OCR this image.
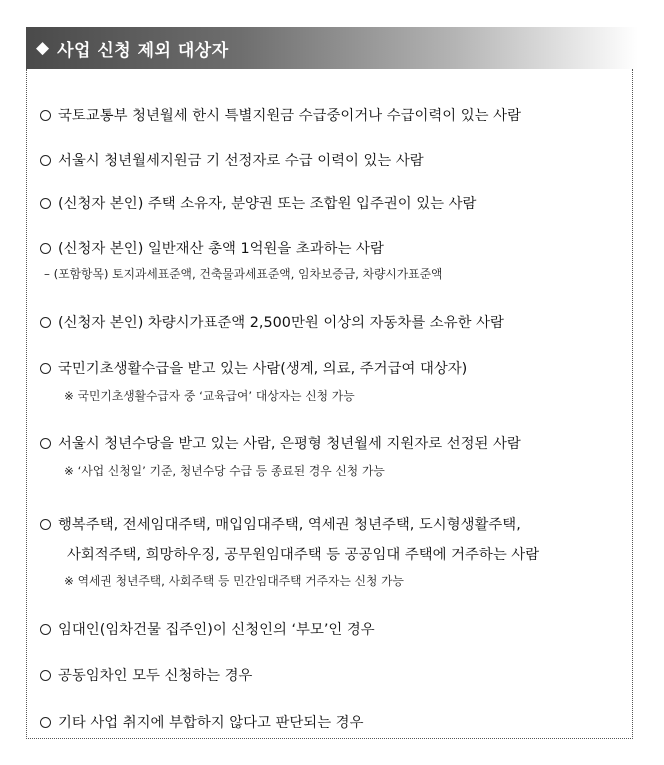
◆ 사업 신청 제외 대상자
국토교통부 청년월세 한시 특별지원금 수급중이거나 수급이력이 있는 사람
서울시 청년월세지원금 기 선정자로 수급 이력이 있는 사람
(신청자 본인) 주택 소유자, 분양권 또는 조합원 입주권이 있는 사람
(신청자 본인) 일반재산 총액 1억원을 초과하는 사람
– (포함항목) 토지과세표준액, 건축물과세표준액, 임차보증금, 차량시가표준액
(신청자 본인) 차량시가표준액 2,500만원 이상의 자동차를 소유한 사람
국민기초생활수급을 받고 있는 사람(생계, 의료, 주거급여 대상자)
※ 국민기초생활수급자 중 ‘교육급여’ 대상자는 신청 가능
서울시 청년수당을 받고 있는 사람, 은평형 청년월세 지원자로 선정된 사람
※ ‘사업 신청일’ 기준, 청년수당 수급 등 종료된 경우 신청 가능
행복주택, 전세임대주택, 매입임대주택, 역세권 청년주택, 도시형생활주택,
사회적주택, 희망하우징, 공무원임대주택 등 공공임대 주택에 거주하는 사람
※ 역세권 청년주택, 사회주택 등 민간임대주택 거주자는 신청 가능
임대인(임차건물 집주인)이 신청인의 ‘부모’인 경우
공동임차인 모두 신청하는 경우
기타 사업 취지에 부합하지 않다고 판단되는 경우
